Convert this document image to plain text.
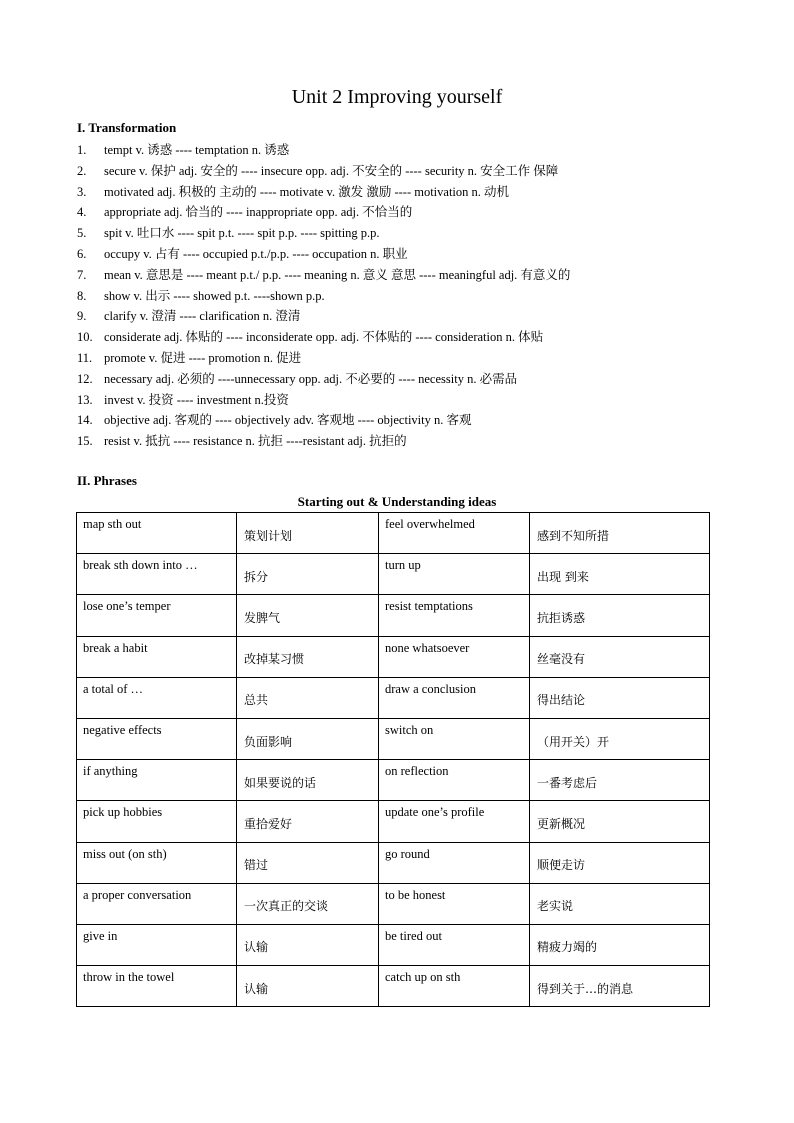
Unit 2 Improving yourself
I. Transformation
1. tempt v. 诱惑 ---- temptation n. 诱惑
2. secure v. 保护 adj. 安全的 ---- insecure opp. adj. 不安全的 ---- security n. 安全工作 保障
3. motivated adj. 积极的 主动的 ---- motivate v. 激发 激励 ---- motivation n. 动机
4. appropriate adj. 恰当的 ---- inappropriate opp. adj. 不恰当的
5. spit v. 吐口水 ---- spit p.t. ---- spit p.p. ---- spitting p.p.
6. occupy v. 占有 ---- occupied p.t./p.p. ---- occupation n. 职业
7. mean v. 意思是 ---- meant p.t./ p.p. ---- meaning n. 意义 意思 ---- meaningful adj. 有意义的
8. show v. 出示 ---- showed p.t. ----shown p.p.
9. clarify v. 澄清 ---- clarification n. 澄清
10. considerate adj. 体贴的 ---- inconsiderate opp. adj. 不体贴的 ---- consideration n. 体贴
11. promote v. 促进 ---- promotion n. 促进
12. necessary adj. 必须的 ----unnecessary opp. adj. 不必要的 ---- necessity n. 必需品
13. invest v. 投资 ---- investment n.投资
14. objective adj. 客观的 ---- objectively adv. 客观地 ---- objectivity n. 客观
15. resist v. 抵抗 ---- resistance n. 抗拒 ----resistant adj. 抗拒的
II. Phrases
Starting out & Understanding ideas
map sth out	策划计划	feel overwhelmed	感到不知所措
break sth down into …	拆分	turn up	出现 到来
lose one’s temper	发脾气	resist temptations	抗拒诱惑
break a habit	改掉某习惯	none whatsoever	丝毫没有
a total of …	总共	draw a conclusion	得出结论
negative effects	负面影响	switch on	（用开关）开
if anything	如果要说的话	on reflection	一番考虑后
pick up hobbies	重拾爱好	update one’s profile	更新概况
miss out (on sth)	错过	go round	顺便走访
a proper conversation	一次真正的交谈	to be honest	老实说
give in	认输	be tired out	精疲力竭的
throw in the towel	认输	catch up on sth	得到关于…的消息
